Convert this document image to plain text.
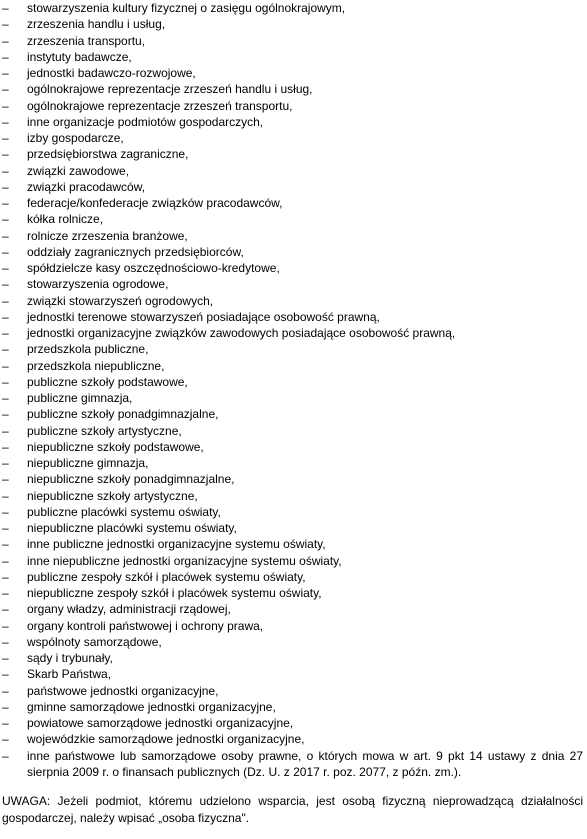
–	stowarzyszenia kultury fizycznej o zasięgu ogólnokrajowym,
–	zrzeszenia handlu i usług,
–	zrzeszenia transportu,
–	instytuty badawcze,
–	jednostki badawczo-rozwojowe,
–	ogólnokrajowe reprezentacje zrzeszeń handlu i usług,
–	ogólnokrajowe reprezentacje zrzeszeń transportu,
–	inne organizacje podmiotów gospodarczych,
–	izby gospodarcze,
–	przedsiębiorstwa zagraniczne,
–	związki zawodowe,
–	związki pracodawców,
–	federacje/konfederacje związków pracodawców,
–	kółka rolnicze,
–	rolnicze zrzeszenia branżowe,
–	oddziały zagranicznych przedsiębiorców,
–	spółdzielcze kasy oszczędnościowo-kredytowe,
–	stowarzyszenia ogrodowe,
–	związki stowarzyszeń ogrodowych,
–	jednostki terenowe stowarzyszeń posiadające osobowość prawną,
–	jednostki organizacyjne związków zawodowych posiadające osobowość prawną,
–	przedszkola publiczne,
–	przedszkola niepubliczne,
–	publiczne szkoły podstawowe,
–	publiczne gimnazja,
–	publiczne szkoły ponadgimnazjalne,
–	publiczne szkoły artystyczne,
–	niepubliczne szkoły podstawowe,
–	niepubliczne gimnazja,
–	niepubliczne szkoły ponadgimnazjalne,
–	niepubliczne szkoły artystyczne,
–	publiczne placówki systemu oświaty,
–	niepubliczne placówki systemu oświaty,
–	inne publiczne jednostki organizacyjne systemu oświaty,
–	inne niepubliczne jednostki organizacyjne systemu oświaty,
–	publiczne zespoły szkół i placówek systemu oświaty,
–	niepubliczne zespoły szkół i placówek systemu oświaty,
–	organy władzy, administracji rządowej,
–	organy kontroli państwowej i ochrony prawa,
–	wspólnoty samorządowe,
–	sądy i trybunały,
–	Skarb Państwa,
–	państwowe jednostki organizacyjne,
–	gminne samorządowe jednostki organizacyjne,
–	powiatowe samorządowe jednostki organizacyjne,
–	wojewódzkie samorządowe jednostki organizacyjne,
–	inne państwowe lub samorządowe osoby prawne, o których mowa w art. 9 pkt 14 ustawy z dnia 27 sierpnia 2009 r. o finansach publicznych (Dz. U. z 2017 r. poz. 2077, z późn. zm.).

UWAGA: Jeżeli podmiot, któremu udzielono wsparcia, jest osobą fizyczną nieprowadzącą działalności gospodarczej, należy wpisać „osoba fizyczna".
